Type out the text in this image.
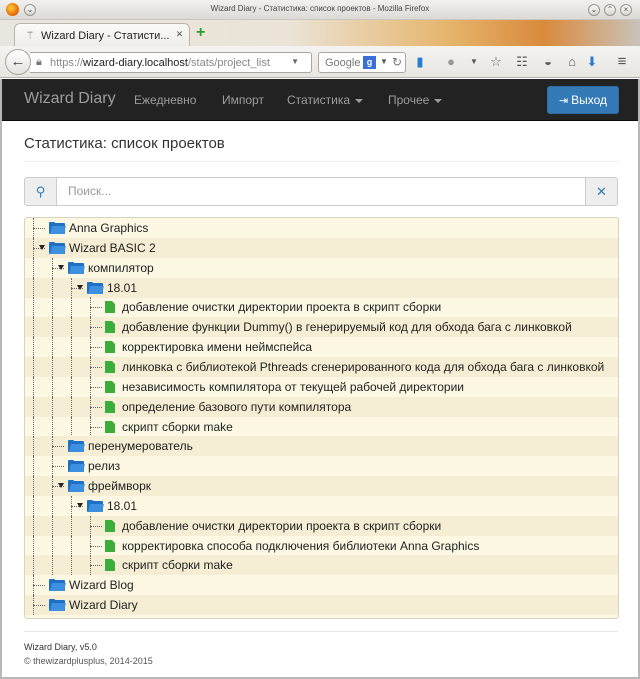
⌄	Wizard Diary - Статистика: список проектов - Mozilla Firefox	⌄	⌃	×
⚚ Wizard Diary - Статисти... ✕ +
🔒︎ https://wizard-diary.localhost/stats/project_list	▼
←	Google g ▼ ↻	▮	●	▼ ☆ ☷	◒	⌂ ⬇ ≡
Wizard Diary Ежедневно Импорт Статистика	Прочее	⇥ Выход
Статистика: список проектов
⚲	Поиск...	✕
Anna Graphics
Wizard BASIC 2
компилятор
18.01
добавление очистки директории проекта в скрипт сборки
добавление функции Dummy() в генерируемый код для обхода бага с линковкой
корректировка имени неймспейса
линковка с библиотекой Pthreads сгенерированного кода для обхода бага с линковкой
независимость компилятора от текущей рабочей директории
определение базового пути компилятора
скрипт сборки make
перенумерователь
релиз
фреймворк
18.01
добавление очистки директории проекта в скрипт сборки
корректировка способа подключения библиотеки Anna Graphics
скрипт сборки make
Wizard Blog
Wizard Diary
Wizard Diary, v5.0
© thewizardplusplus, 2014-2015
